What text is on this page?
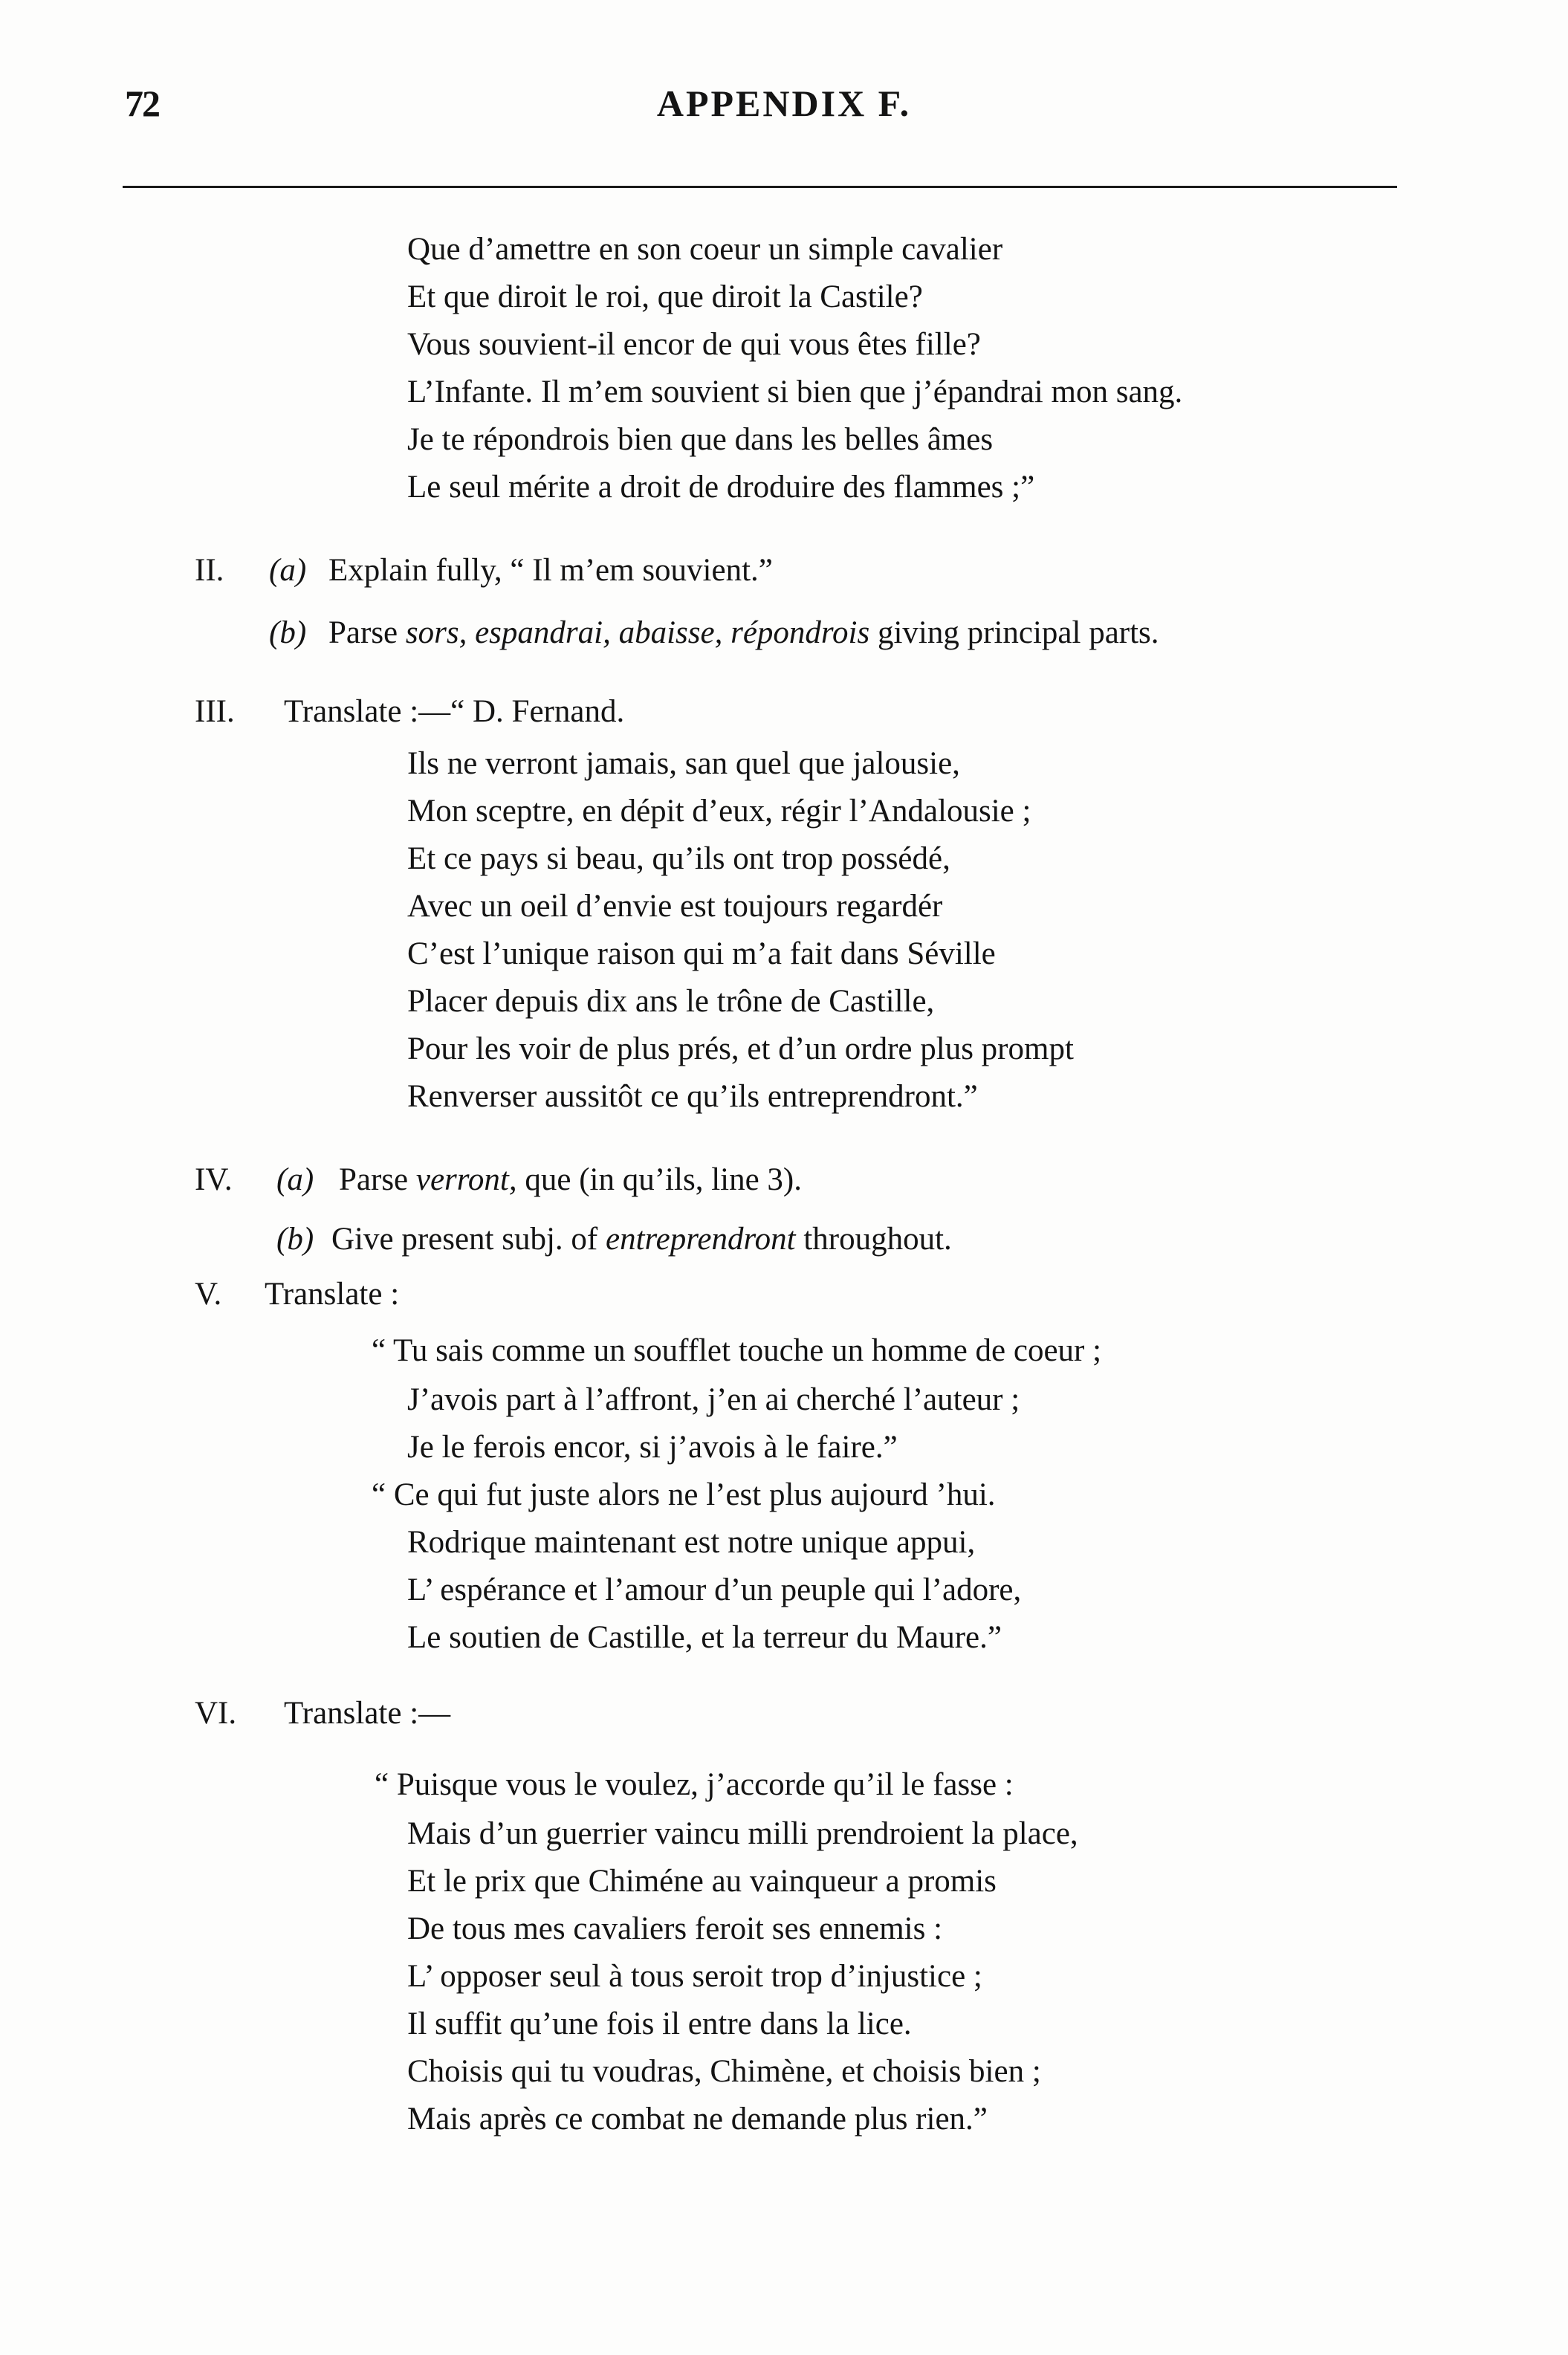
72	APPENDIX F.
Que d’amettre en son coeur un simple cavalier
Et que diroit le roi, que diroit la Castile?
Vous souvient-il encor de qui vous êtes fille?
L’Infante. Il m’em souvient si bien que j’épandrai mon sang.
Je te répondrois bien que dans les belles âmes
Le seul mérite a droit de droduire des flammes ;”
II. (a) Explain fully, “ Il m’em souvient.”
(b) Parse sors, espandrai, abaisse, répondrois giving principal parts.
III. Translate :—“ D. Fernand.
Ils ne verront jamais, san quel que jalousie,
Mon sceptre, en dépit d’eux, régir l’Andalousie ;
Et ce pays si beau, qu’ils ont trop possédé,
Avec un oeil d’envie est toujours regardér
C’est l’unique raison qui m’a fait dans Séville
Placer depuis dix ans le trône de Castille,
Pour les voir de plus prés, et d’un ordre plus prompt
Renverser aussitôt ce qu’ils entreprendront.”
IV. (a) Parse verront, que (in qu’ils, line 3).
(b) Give present subj. of entreprendront throughout.
V. Translate :
“ Tu sais comme un soufflet touche un homme de coeur ;
J’avois part à l’affront, j’en ai cherché l’auteur ;
Je le ferois encor, si j’avois à le faire.”
“ Ce qui fut juste alors ne l’est plus aujourd ’hui.
Rodrique maintenant est notre unique appui,
L’ espérance et l’amour d’un peuple qui l’adore,
Le soutien de Castille, et la terreur du Maure.”
VI. Translate :—
“ Puisque vous le voulez, j’accorde qu’il le fasse :
Mais d’un guerrier vaincu milli prendroient la place,
Et le prix que Chiméne au vainqueur a promis
De tous mes cavaliers feroit ses ennemis :
L’ opposer seul à tous seroit trop d’injustice ;
Il suffit qu’une fois il entre dans la lice.
Choisis qui tu voudras, Chimène, et choisis bien ;
Mais après ce combat ne demande plus rien.”
